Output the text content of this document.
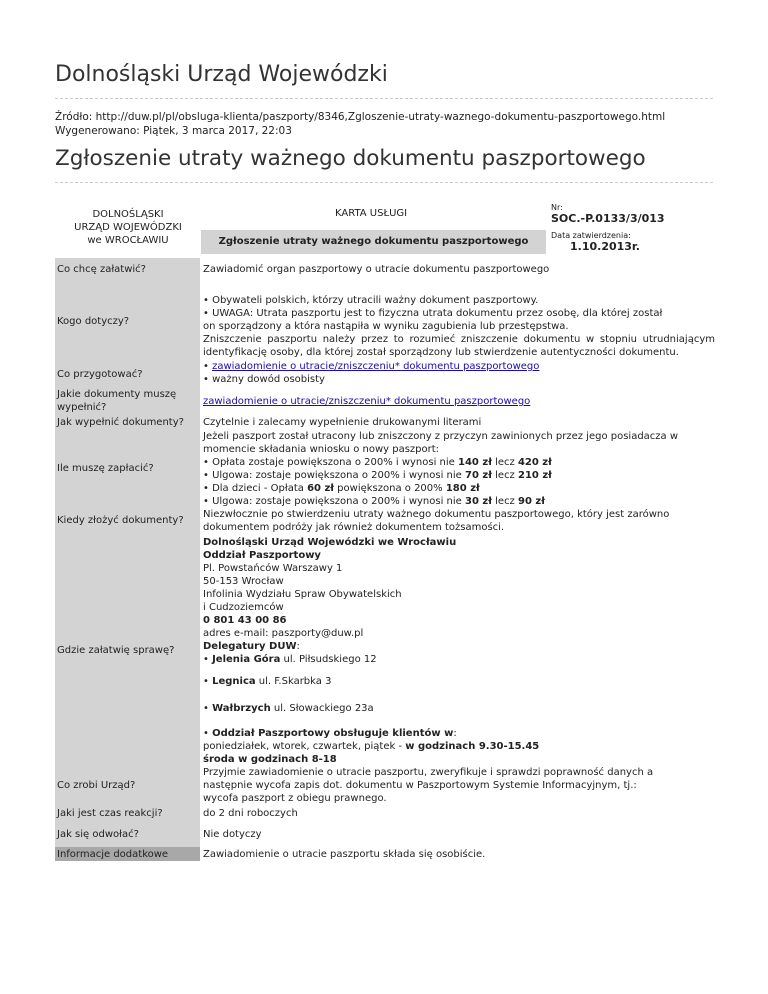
Dolnośląski Urząd Wojewódzki
Źródło: http://duw.pl/pl/obsluga-klienta/paszporty/8346,Zgloszenie-utraty-waznego-dokumentu-paszportowego.html
Wygenerowano: Piątek, 3 marca 2017, 22:03
Zgłoszenie utraty ważnego dokumentu paszportowego
DOLNOŚLĄSKI
URZĄD WOJEWÓDZKI
we WROCŁAWIU
KARTA USŁUGI
Zgłoszenie utraty ważnego dokumentu paszportowego
Nr:
SOC.-P.0133/3/013
Data zatwierdzenia:
1.10.2013r.
Co chcę załatwić?
Kogo dotyczy?
Co przygotować?
Jakie dokumenty muszę
wypełnić?
Jak wypełnić dokumenty?
Ile muszę zapłacić?
Kiedy złożyć dokumenty?
Gdzie załatwię sprawę?
Co zrobi Urząd?
Jaki jest czas reakcji?
Jak się odwołać?
Informacje dodatkowe
Zawiadomić organ paszportowy o utracie dokumentu paszportowego
• Obywateli polskich, którzy utracili ważny dokument paszportowy.
• UWAGA: Utrata paszportu jest to fizyczna utrata dokumentu przez osobę, dla której został
on sporządzony a która nastąpiła w wyniku zagubienia lub przestępstwa.
Zniszczenie paszportu należy przez to rozumieć zniszczenie dokumentu w stopniu utrudniającym identyfikację osoby, dla której został sporządzony lub stwierdzenie autentyczności dokumentu.
• zawiadomienie o utracie/zniszczeniu* dokumentu paszportowego
• ważny dowód osobisty
zawiadomienie o utracie/zniszczeniu* dokumentu paszportowego
Czytelnie i zalecamy wypełnienie drukowanymi literami
Jeżeli paszport został utracony lub zniszczony z przyczyn zawinionych przez jego posiadacza w momencie składania wniosku o nowy paszport:
• Opłata zostaje powiększona o 200% i wynosi nie 140 zł lecz 420 zł
• Ulgowa: zostaje powiększona o 200% i wynosi nie 70 zł lecz 210 zł
• Dla dzieci - Opłata 60 zł powiększona o 200% 180 zł
• Ulgowa: zostaje powiększona o 200% i wynosi nie 30 zł lecz 90 zł
Niezwłocznie po stwierdzeniu utraty ważnego dokumentu paszportowego, który jest zarówno dokumentem podróży jak również dokumentem tożsamości.
Dolnośląski Urząd Wojewódzki we Wrocławiu
Oddział Paszportowy
Pl. Powstańców Warszawy 1
50-153 Wrocław
Infolinia Wydziału Spraw Obywatelskich
i Cudzoziemców
0 801 43 00 86
adres e-mail: paszporty@duw.pl
Delegatury DUW:
• Jelenia Góra ul. Piłsudskiego 12
• Legnica ul. F.Skarbka 3
• Wałbrzych ul. Słowackiego 23a
• Oddział Paszportowy obsługuje klientów w:
poniedziałek, wtorek, czwartek, piątek - w godzinach 9.30-15.45
środa w godzinach 8-18
Przyjmie zawiadomienie o utracie paszportu, zweryfikuje i sprawdzi poprawność danych a
następnie wycofa zapis dot. dokumentu w Paszportowym Systemie Informacyjnym, tj.:
wycofa paszport z obiegu prawnego.
do 2 dni roboczych
Nie dotyczy
Zawiadomienie o utracie paszportu składa się osobiście.
